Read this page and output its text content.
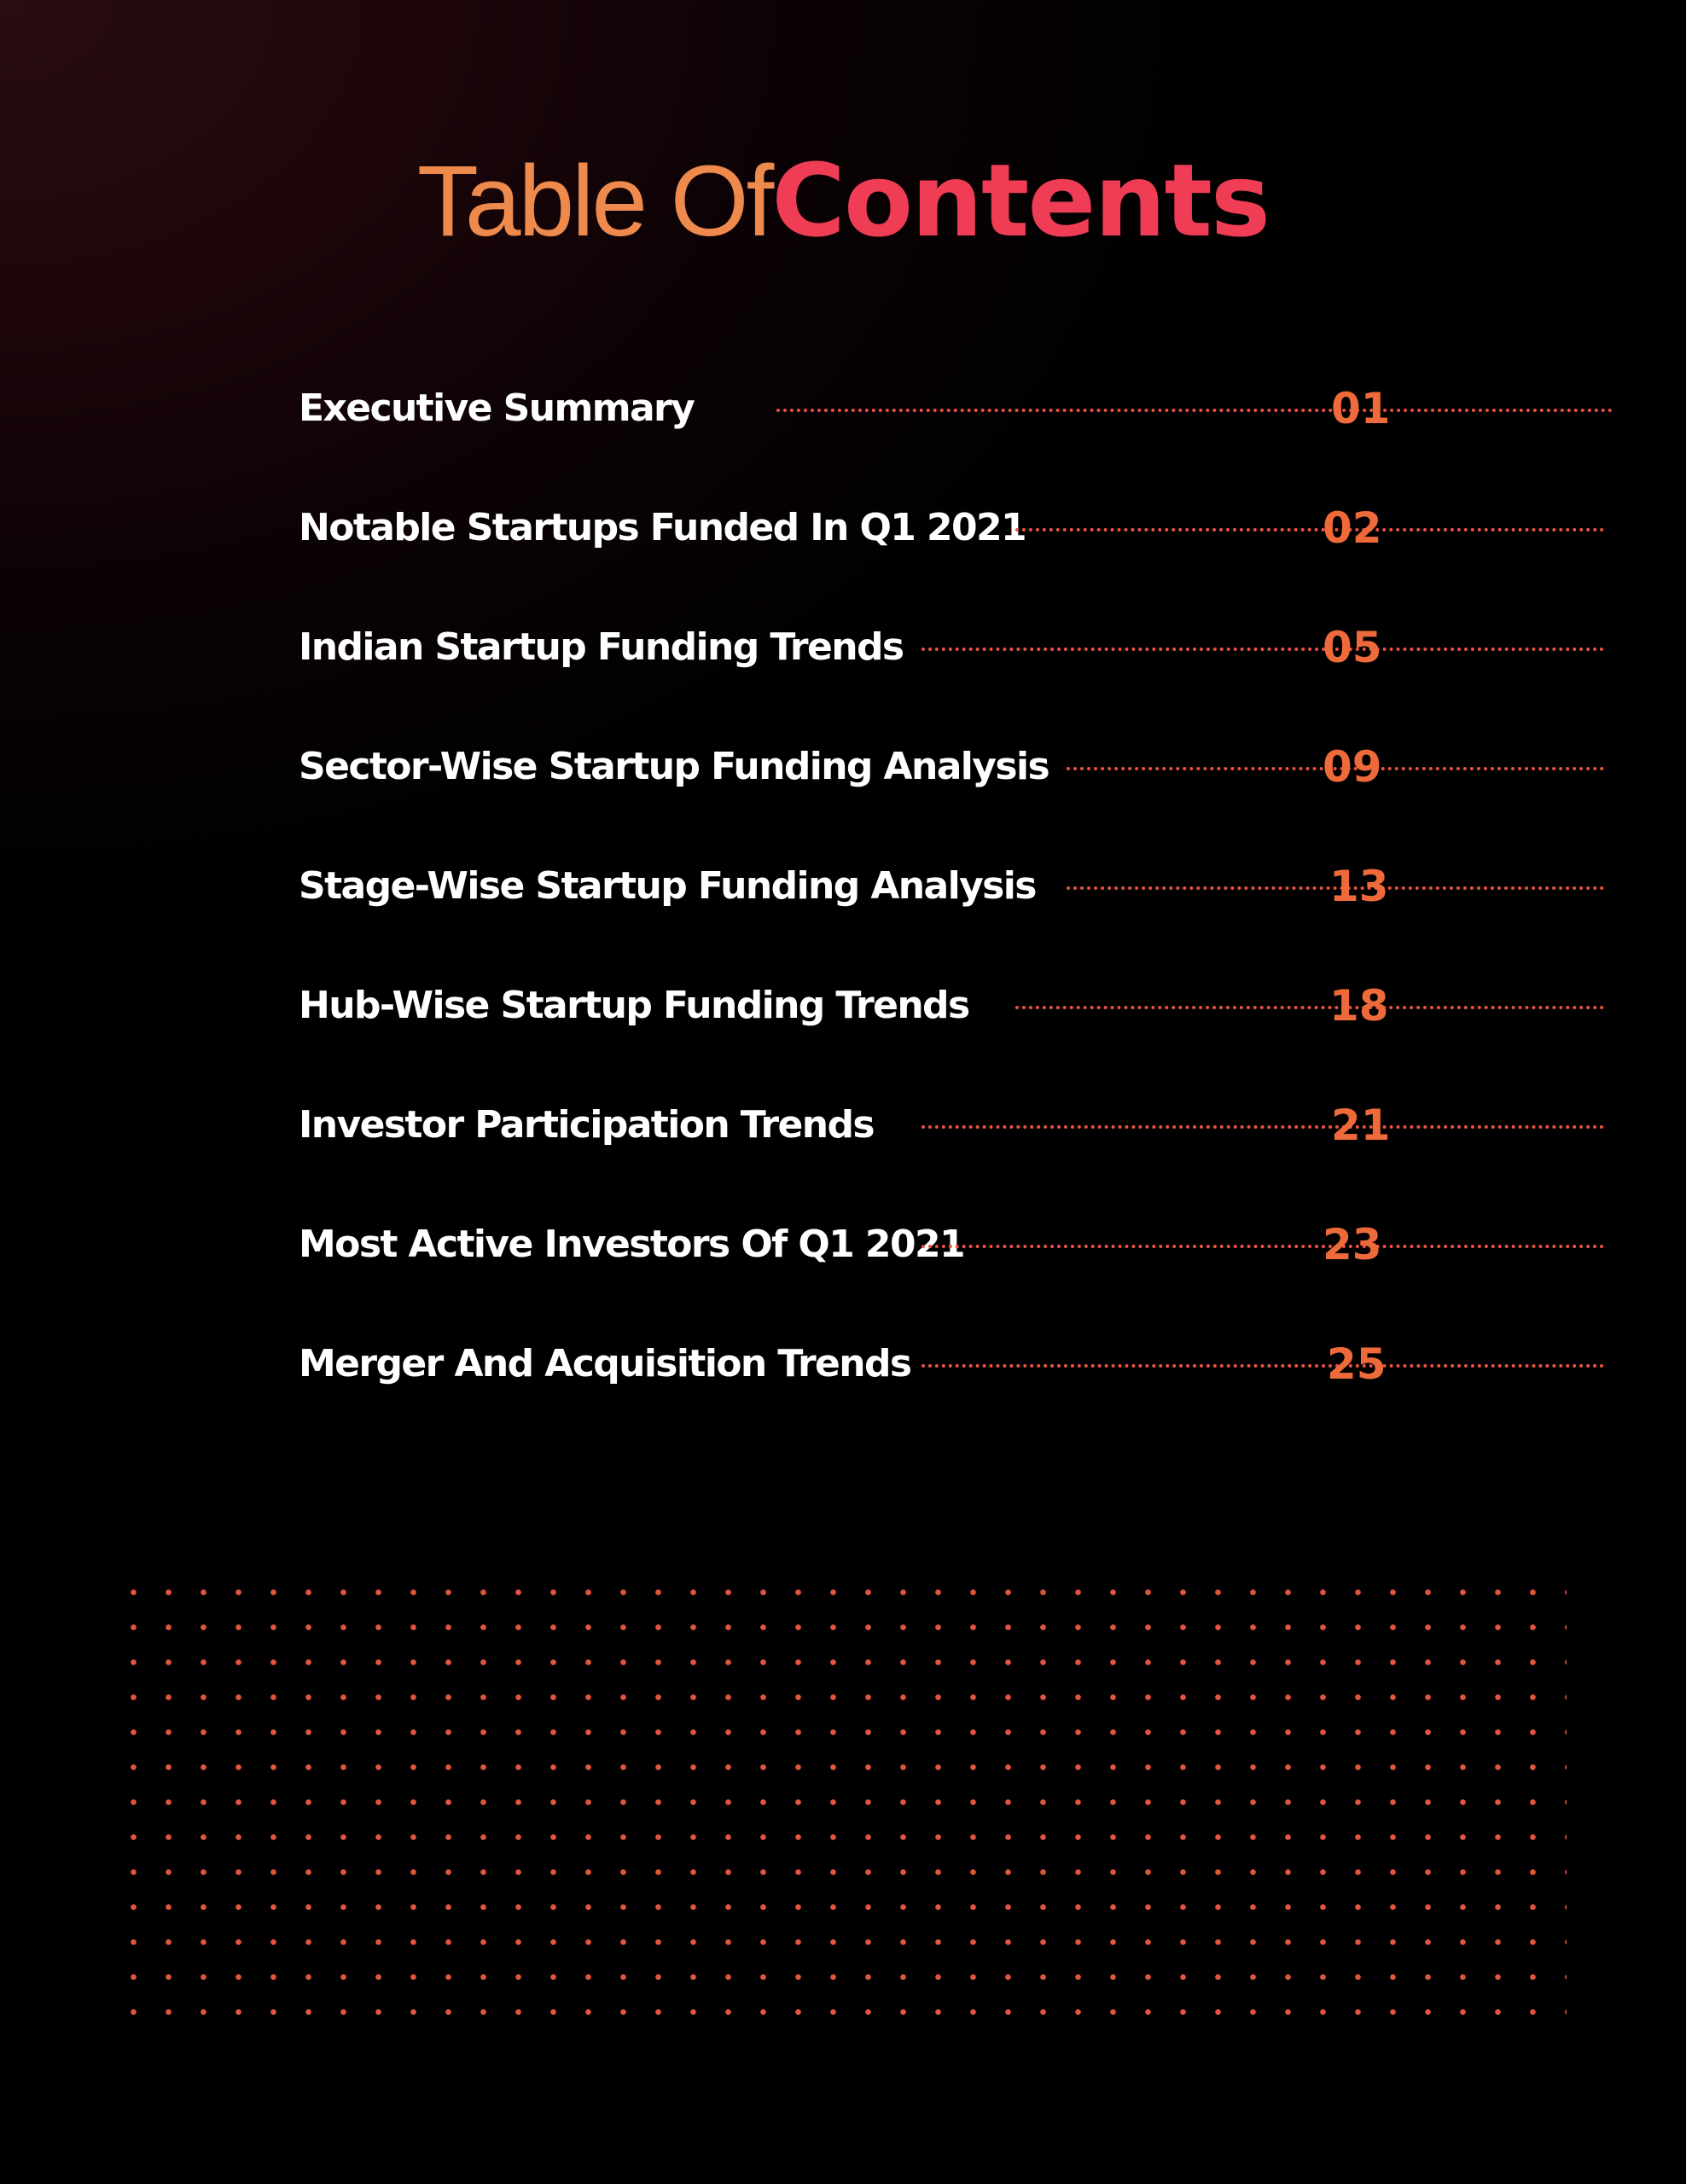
Table OfContents
Executive Summary	01
Notable Startups Funded In Q1 2021	02
Indian Startup Funding Trends	05
Sector-Wise Startup Funding Analysis	09
Stage-Wise Startup Funding Analysis	13
Hub-Wise Startup Funding Trends	18
Investor Participation Trends	21
Most Active Investors Of Q1 2021	23
Merger And Acquisition Trends	25
